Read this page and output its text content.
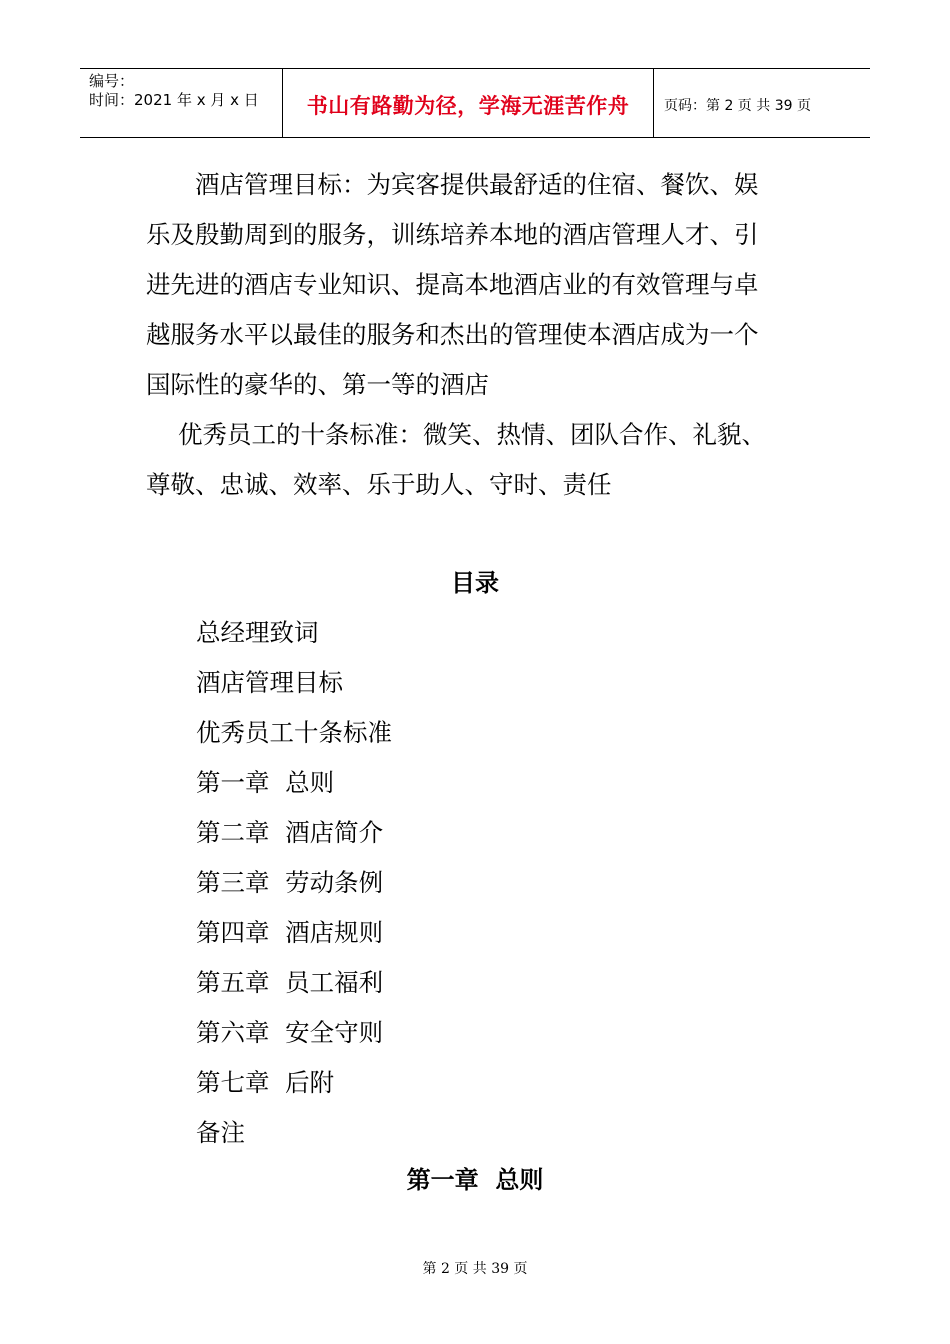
编号：
时间：2021 年 x 月 x 日	书山有路勤为径，学海无涯苦作舟	页码：第 2 页 共 39 页
酒店管理目标：为宾客提供最舒适的住宿、餐饮、娱
乐及殷勤周到的服务，训练培养本地的酒店管理人才、引
进先进的酒店专业知识、提高本地酒店业的有效管理与卓
越服务水平以最佳的服务和杰出的管理使本酒店成为一个
国际性的豪华的、第一等的酒店
优秀员工的十条标准：微笑、热情、团队合作、礼貌、
尊敬、忠诚、效率、乐于助人、守时、责任
目录
总经理致词
酒店管理目标
优秀员工十条标准
第一章  总则
第二章  酒店简介
第三章  劳动条例
第四章  酒店规则
第五章  员工福利
第六章  安全守则
第七章  后附
备注
第一章  总则
第 2 页 共 39 页
